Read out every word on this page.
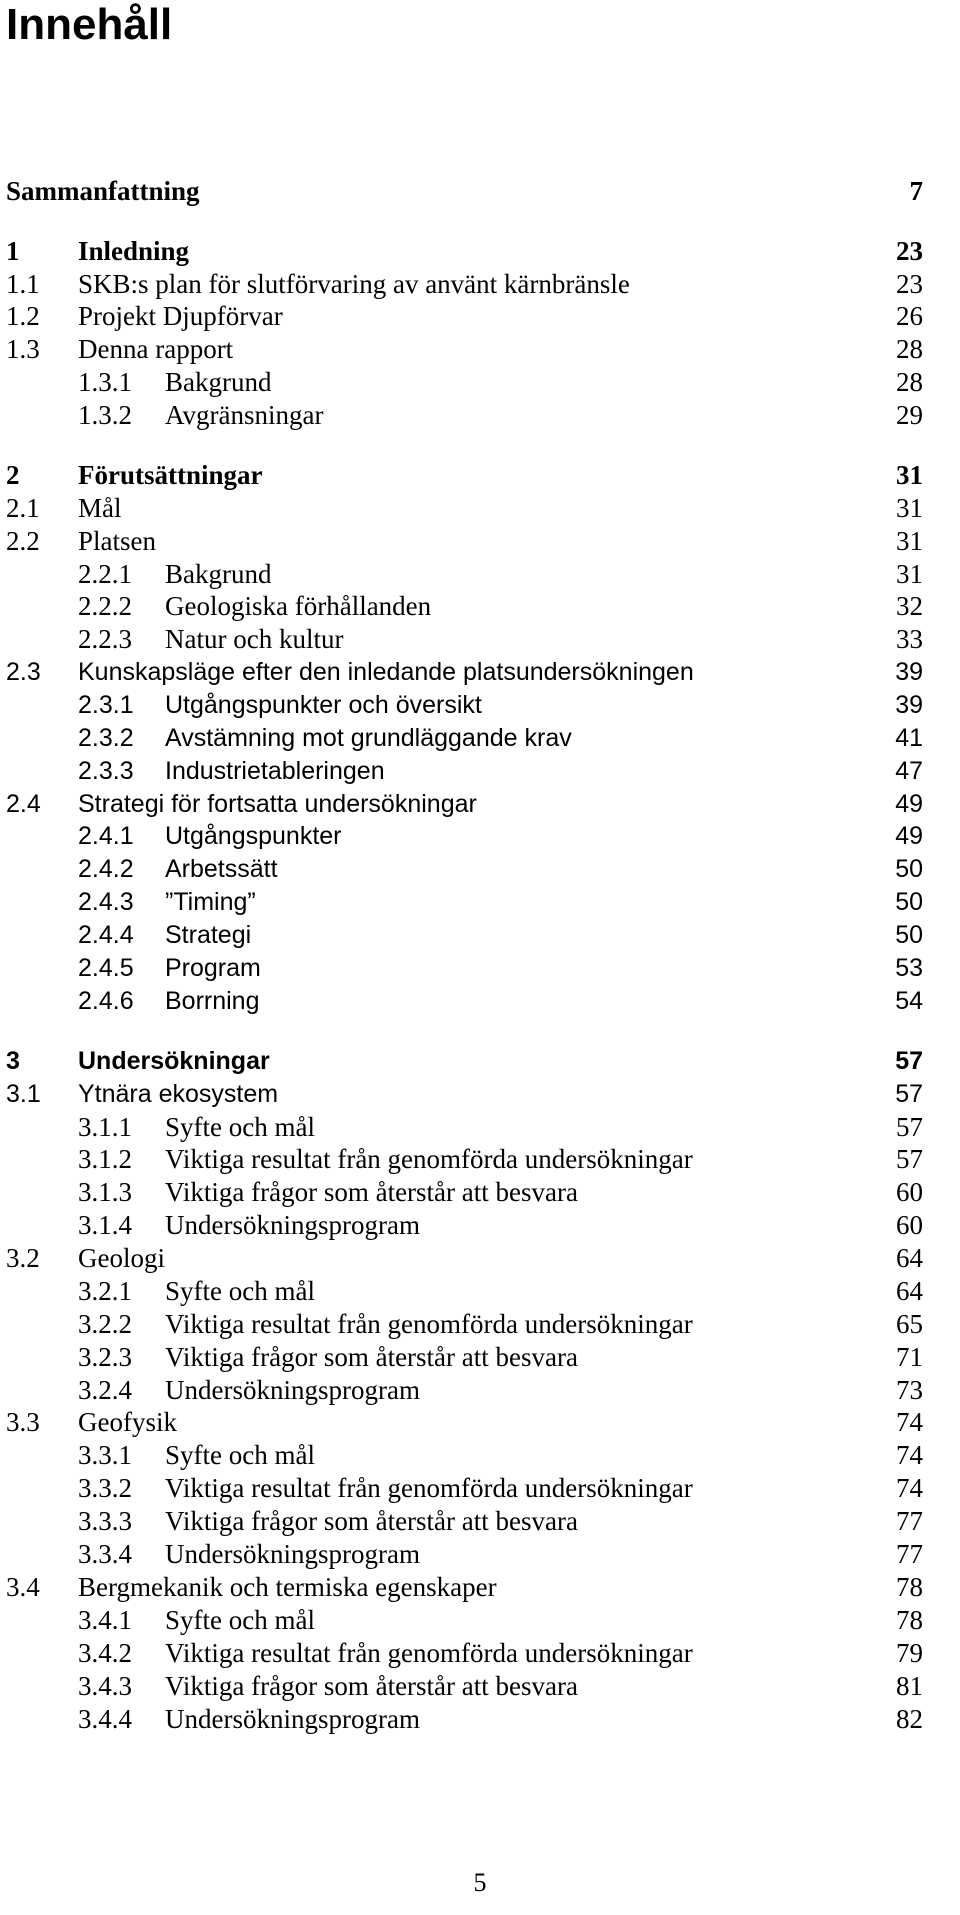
Innehåll
Sammanfattning	7
1 Inledning	23
1.1 SKB:s plan för slutförvaring av använt kärnbränsle	23
1.2 Projekt Djupförvar	26
1.3 Denna rapport	28
1.3.1 Bakgrund	28
1.3.2 Avgränsningar	29
2 Förutsättningar	31
2.1 Mål	31
2.2 Platsen	31
2.2.1 Bakgrund	31
2.2.2 Geologiska förhållanden	32
2.2.3 Natur och kultur	33
2.3 Kunskapsläge efter den inledande platsundersökningen	39
2.3.1 Utgångspunkter och översikt	39
2.3.2 Avstämning mot grundläggande krav	41
2.3.3 Industrietableringen	47
2.4 Strategi för fortsatta undersökningar	49
2.4.1 Utgångspunkter	49
2.4.2 Arbetssätt	50
2.4.3 ”Timing”	50
2.4.4 Strategi	50
2.4.5 Program	53
2.4.6 Borrning	54
3 Undersökningar	57
3.1 Ytnära ekosystem	57
3.1.1 Syfte och mål	57
3.1.2 Viktiga resultat från genomförda undersökningar	57
3.1.3 Viktiga frågor som återstår att besvara	60
3.1.4 Undersökningsprogram	60
3.2 Geologi	64
3.2.1 Syfte och mål	64
3.2.2 Viktiga resultat från genomförda undersökningar	65
3.2.3 Viktiga frågor som återstår att besvara	71
3.2.4 Undersökningsprogram	73
3.3 Geofysik	74
3.3.1 Syfte och mål	74
3.3.2 Viktiga resultat från genomförda undersökningar	74
3.3.3 Viktiga frågor som återstår att besvara	77
3.3.4 Undersökningsprogram	77
3.4 Bergmekanik och termiska egenskaper	78
3.4.1 Syfte och mål	78
3.4.2 Viktiga resultat från genomförda undersökningar	79
3.4.3 Viktiga frågor som återstår att besvara	81
3.4.4 Undersökningsprogram	82
5
